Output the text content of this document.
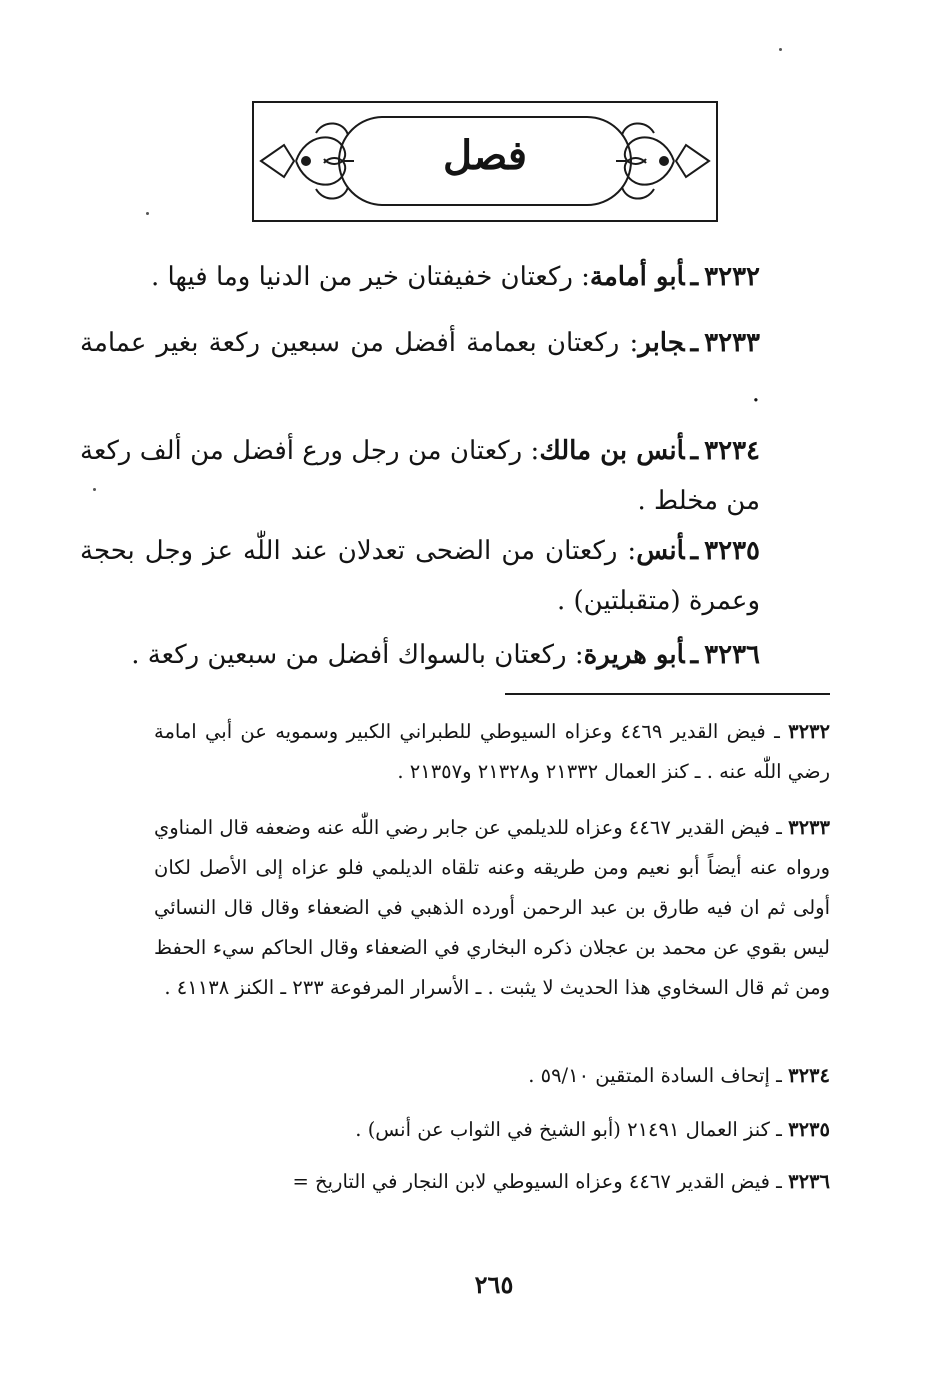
فصل
٣٢٣٢ـأبو أمامة: ركعتان خفيفتان خير من الدنيا وما فيها .
٣٢٣٣ـجابر: ركعتان بعمامة أفضل من سبعين ركعة بغير عمامة .
٣٢٣٤ـأنس بن مالك: ركعتان من رجل ورع أفضل من ألف ركعة من مخلط .
٣٢٣٥ـأنس: ركعتان من الضحى تعدلان عند اللّٰه عز وجل بحجة وعمرة (متقبلتين) .
٣٢٣٦ـأبو هريرة: ركعتان بالسواك أفضل من سبعين ركعة .
٣٢٣٢ ـ فيض القدير ٤٤٦٩ وعزاه السيوطي للطبراني الكبير وسمويه عن أبي امامة رضي اللّٰه عنه . ـ كنز العمال ٢١٣٣٢ و٢١٣٢٨ و٢١٣٥٧ .
٣٢٣٣ ـ فيض القدير ٤٤٦٧ وعزاه للديلمي عن جابر رضي اللّٰه عنه وضعفه قال المناوي ورواه عنه أيضاً أبو نعيم ومن طريقه وعنه تلقاه الديلمي فلو عزاه إلى الأصل لكان أولى ثم ان فيه طارق بن عبد الرحمن أورده الذهبي في الضعفاء وقال قال النسائي ليس بقوي عن محمد بن عجلان ذكره البخاري في الضعفاء وقال الحاكم سيء الحفظ ومن ثم قال السخاوي هذا الحديث لا يثبت . ـ الأسرار المرفوعة ٢٣٣ ـ الكنز ٤١١٣٨ .
٣٢٣٤ ـ إتحاف السادة المتقين ٥٩/١٠ .
٣٢٣٥ ـ كنز العمال ٢١٤٩١ (أبو الشيخ في الثواب عن أنس) .
٣٢٣٦ ـ فيض القدير ٤٤٦٧ وعزاه السيوطي لابن النجار في التاريخ =
٢٦٥
